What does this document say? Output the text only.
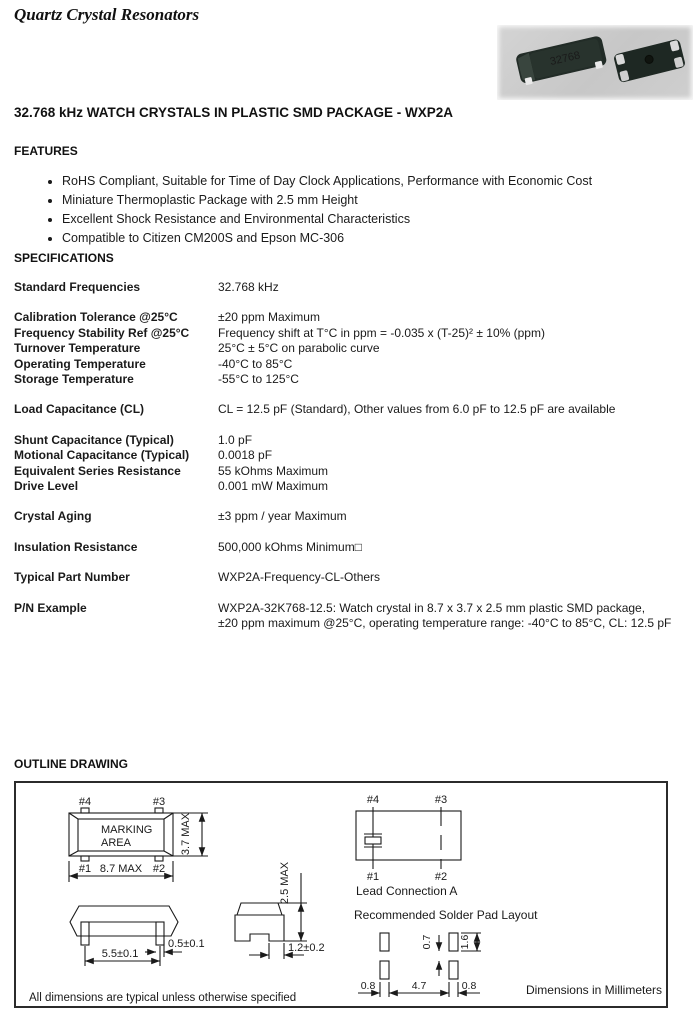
Quartz Crystal Resonators
32768
32.768 kHz WATCH CRYSTALS IN PLASTIC SMD PACKAGE - WXP2A
FEATURES
• RoHS Compliant, Suitable for Time of Day Clock Applications, Performance with Economic Cost
• Miniature Thermoplastic Package with 2.5 mm Height
• Excellent Shock Resistance and Environmental Characteristics
• Compatible to Citizen CM200S and Epson MC-306
SPECIFICATIONS
Standard Frequencies	32.768 kHz
Calibration Tolerance @25°C	±20 ppm Maximum
Frequency Stability Ref @25°C	Frequency shift at T°C in ppm = -0.035 x (T-25)² ± 10% (ppm)
Turnover Temperature	25°C ± 5°C on parabolic curve
Operating Temperature	-40°C to 85°C
Storage Temperature	-55°C to 125°C
Load Capacitance (CL)	CL = 12.5 pF (Standard), Other values from 6.0 pF to 12.5 pF are available
Shunt Capacitance (Typical)	1.0 pF
Motional Capacitance (Typical)	0.0018 pF
Equivalent Series Resistance	55 kOhms Maximum
Drive Level	0.001 mW Maximum
Crystal Aging	±3 ppm / year Maximum
Insulation Resistance	500,000 kOhms Minimum□
Typical Part Number	WXP2A-Frequency-CL-Others
P/N Example	WXP2A-32K768-12.5: Watch crystal in 8.7 x 3.7 x 2.5 mm plastic SMD package,
±20 ppm maximum @25°C, operating temperature range: -40°C to 85°C, CL: 12.5 pF
OUTLINE DRAWING
#4	#3
#1	#2
MARKING
AREA
8.7 MAX
3.7 MAX
5.5±0.1
0.5±0.1
2.5 MAX
1.2±0.2
#4	#3
#1	#2
Lead Connection A
Recommended Solder Pad Layout
0.7 1.6
0.8	4.7	0.8
All dimensions are typical unless otherwise specified
Dimensions in Millimeters
